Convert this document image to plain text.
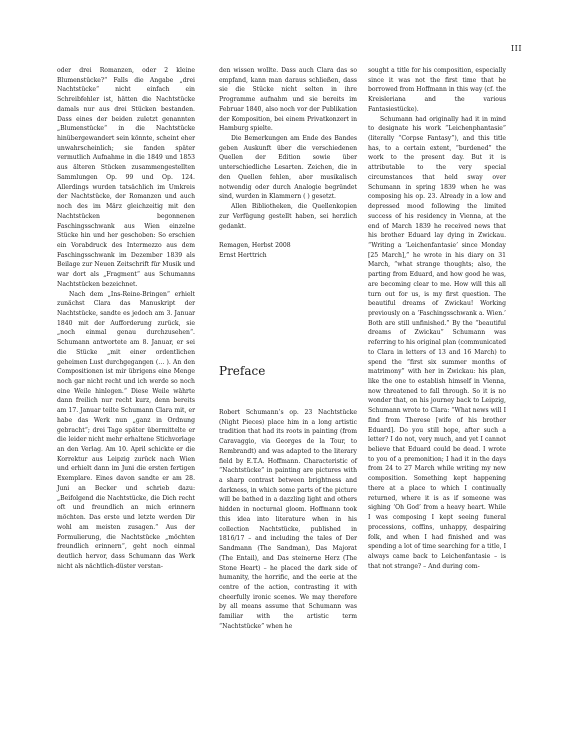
III

oder drei Romanzen, oder 2 kleine Blumenstücke?“ Falls die Angabe „drei Nachtstücke“ nicht einfach ein Schreibfehler ist, hätten die Nachtstücke damals nur aus drei Stücken bestanden. Dass eines der beiden zuletzt genannten „Blumenstücke“ in die Nachtstücke hinübergewandert sein könnte, scheint eher unwahrscheinlich; sie fanden später vermutlich Aufnahme in die 1849 und 1853 aus älteren Stücken zusammengestellten Sammlungen Op. 99 und Op. 124. Allerdings wurden tatsächlich im Umkreis der Nachtstücke, der Romanzen und auch noch des im März gleichzeitig mit den Nachtstücken begonnenen Faschingsschwank aus Wien einzelne Stücke hin und her geschoben: So erschien ein Vorabdruck des Intermezzo aus dem Faschingsschwank im Dezember 1839 als Beilage zur Neuen Zeitschrift für Musik und war dort als „Fragment“ aus Schumanns Nachtstücken bezeichnet.

Nach dem „Ins-Reine-Bringen“ erhielt zunächst Clara das Manuskript der Nachtstücke, sandte es jedoch am 3. Januar 1840 mit der Aufforderung zurück, sie „noch einmal genau durchzusehen“. Schumann antwortete am 8. Januar, er sei die Stücke „mit einer ordentlichen geheimen Lust durchgegangen (… ). An den Compositionen ist mir übrigens eine Menge noch gar nicht recht und ich werde so noch eine Weile hinlegen.“ Diese Weile währte dann freilich nur recht kurz, denn bereits am 17. Januar teilte Schumann Clara mit, er habe das Werk nun „ganz in Ordnung gebracht“; drei Tage später übermittelte er die leider nicht mehr erhaltene Stichvorlage an den Verlag. Am 10. April schickte er die Korrektur aus Leipzig zurück nach Wien und erhielt dann im Juni die ersten fertigen Exemplare. Eines davon sandte er am 28. Juni an Becker und schrieb dazu: „Beifolgend die Nachtstücke, die Dich recht oft und freundlich an mich erinnern möchten. Das erste und letzte werden Dir wohl am meisten zusagen.“ Aus der Formulierung, die Nachtstücke „möchten freundlich erinnern“, geht noch einmal deutlich hervor, dass Schumann das Werk nicht als nächtlich-düster verstan-

den wissen wollte. Dass auch Clara das so empfand, kann man daraus schließen, dass sie die Stücke nicht selten in ihre Programme aufnahm und sie bereits im Februar 1840, also noch vor der Publikation der Komposition, bei einem Privatkonzert in Hamburg spielte.

Die Bemerkungen am Ende des Bandes geben Auskunft über die verschiedenen Quellen der Edition sowie über unterschiedliche Lesarten. Zeichen, die in den Quellen fehlen, aber musikalisch notwendig oder durch Analogie begründet sind, wurden in Klammern ( ) gesetzt.

Allen Bibliotheken, die Quellenkopien zur Verfügung gestellt haben, sei herzlich gedankt.

Remagen, Herbst 2008

Ernst Herttrich

Preface

Robert Schumann’s op. 23 Nachtstücke (Night Pieces) place him in a long artistic tradition that had its roots in painting (from Caravaggio, via Georges de la Tour, to Rembrandt) and was adapted to the literary field by E.T.A. Hoffmann. Characteristic of “Nachtstücke” in painting are pictures with a sharp contrast between brightness and darkness, in which some parts of the picture will be bathed in a dazzling light and others hidden in nocturnal gloom. Hoffmann took this idea into literature when in his collection Nachtstücke, published in 1816/17 – and including the tales of Der Sandmann (The Sandman), Das Majorat (The Entail), and Das steinerne Herz (The Stone Heart) – he placed the dark side of humanity, the horrific, and the eerie at the centre of the action, contrasting it with cheerfully ironic scenes. We may therefore by all means assume that Schumann was familiar with the artistic term “Nachtstücke” when he

sought a title for his composition, especially since it was not the first time that he borrowed from Hoffmann in this way (cf. the Kreisleriana and the various Fantasiestücke).

Schumann had originally had it in mind to designate his work “Leichenphantasie” (literally “Corpse Fantasy”), and this title has, to a certain extent, “burdened” the work to the present day. But it is attributable to the very special circumstances that held sway over Schumann in spring 1839 when he was composing his op. 23. Already in a low and depressed mood following the limited success of his residency in Vienna, at the end of March 1839 he received news that his brother Eduard lay dying in Zwickau. “Writing a ‘Leichenfantasie’ since Monday [25 March],” he wrote in his diary on 31 March, “what strange thoughts; also, the parting from Eduard, and how good he was, are becoming clear to me. How will this all turn out for us, is my first question. The beautiful dreams of Zwickau! Working previously on a ‘Faschingsschwank a. Wien.’ Both are still unfinished.” By the “beautiful dreams of Zwickau” Schumann was referring to his original plan (communicated to Clara in letters of 13 and 16 March) to spend the “first six summer months of matrimony” with her in Zwickau: his plan, like the one to establish himself in Vienna, now threatened to fall through. So it is no wonder that, on his journey back to Leipzig, Schumann wrote to Clara: “What news will I find from Therese [wife of his brother Eduard]. Do you still hope, after such a letter? I do not, very much, and yet I cannot believe that Eduard could be dead. I wrote to you of a premonition; I had it in the days from 24 to 27 March while writing my new composition. Something kept happening there at a place to which I continually returned, where it is as if someone was sighing ‘Oh God’ from a heavy heart. While I was composing I kept seeing funeral processions, coffins, unhappy, despairing folk, and when I had finished and was spending a lot of time searching for a title, I always came back to Leichenfantasie – is that not strange? – And during com-
